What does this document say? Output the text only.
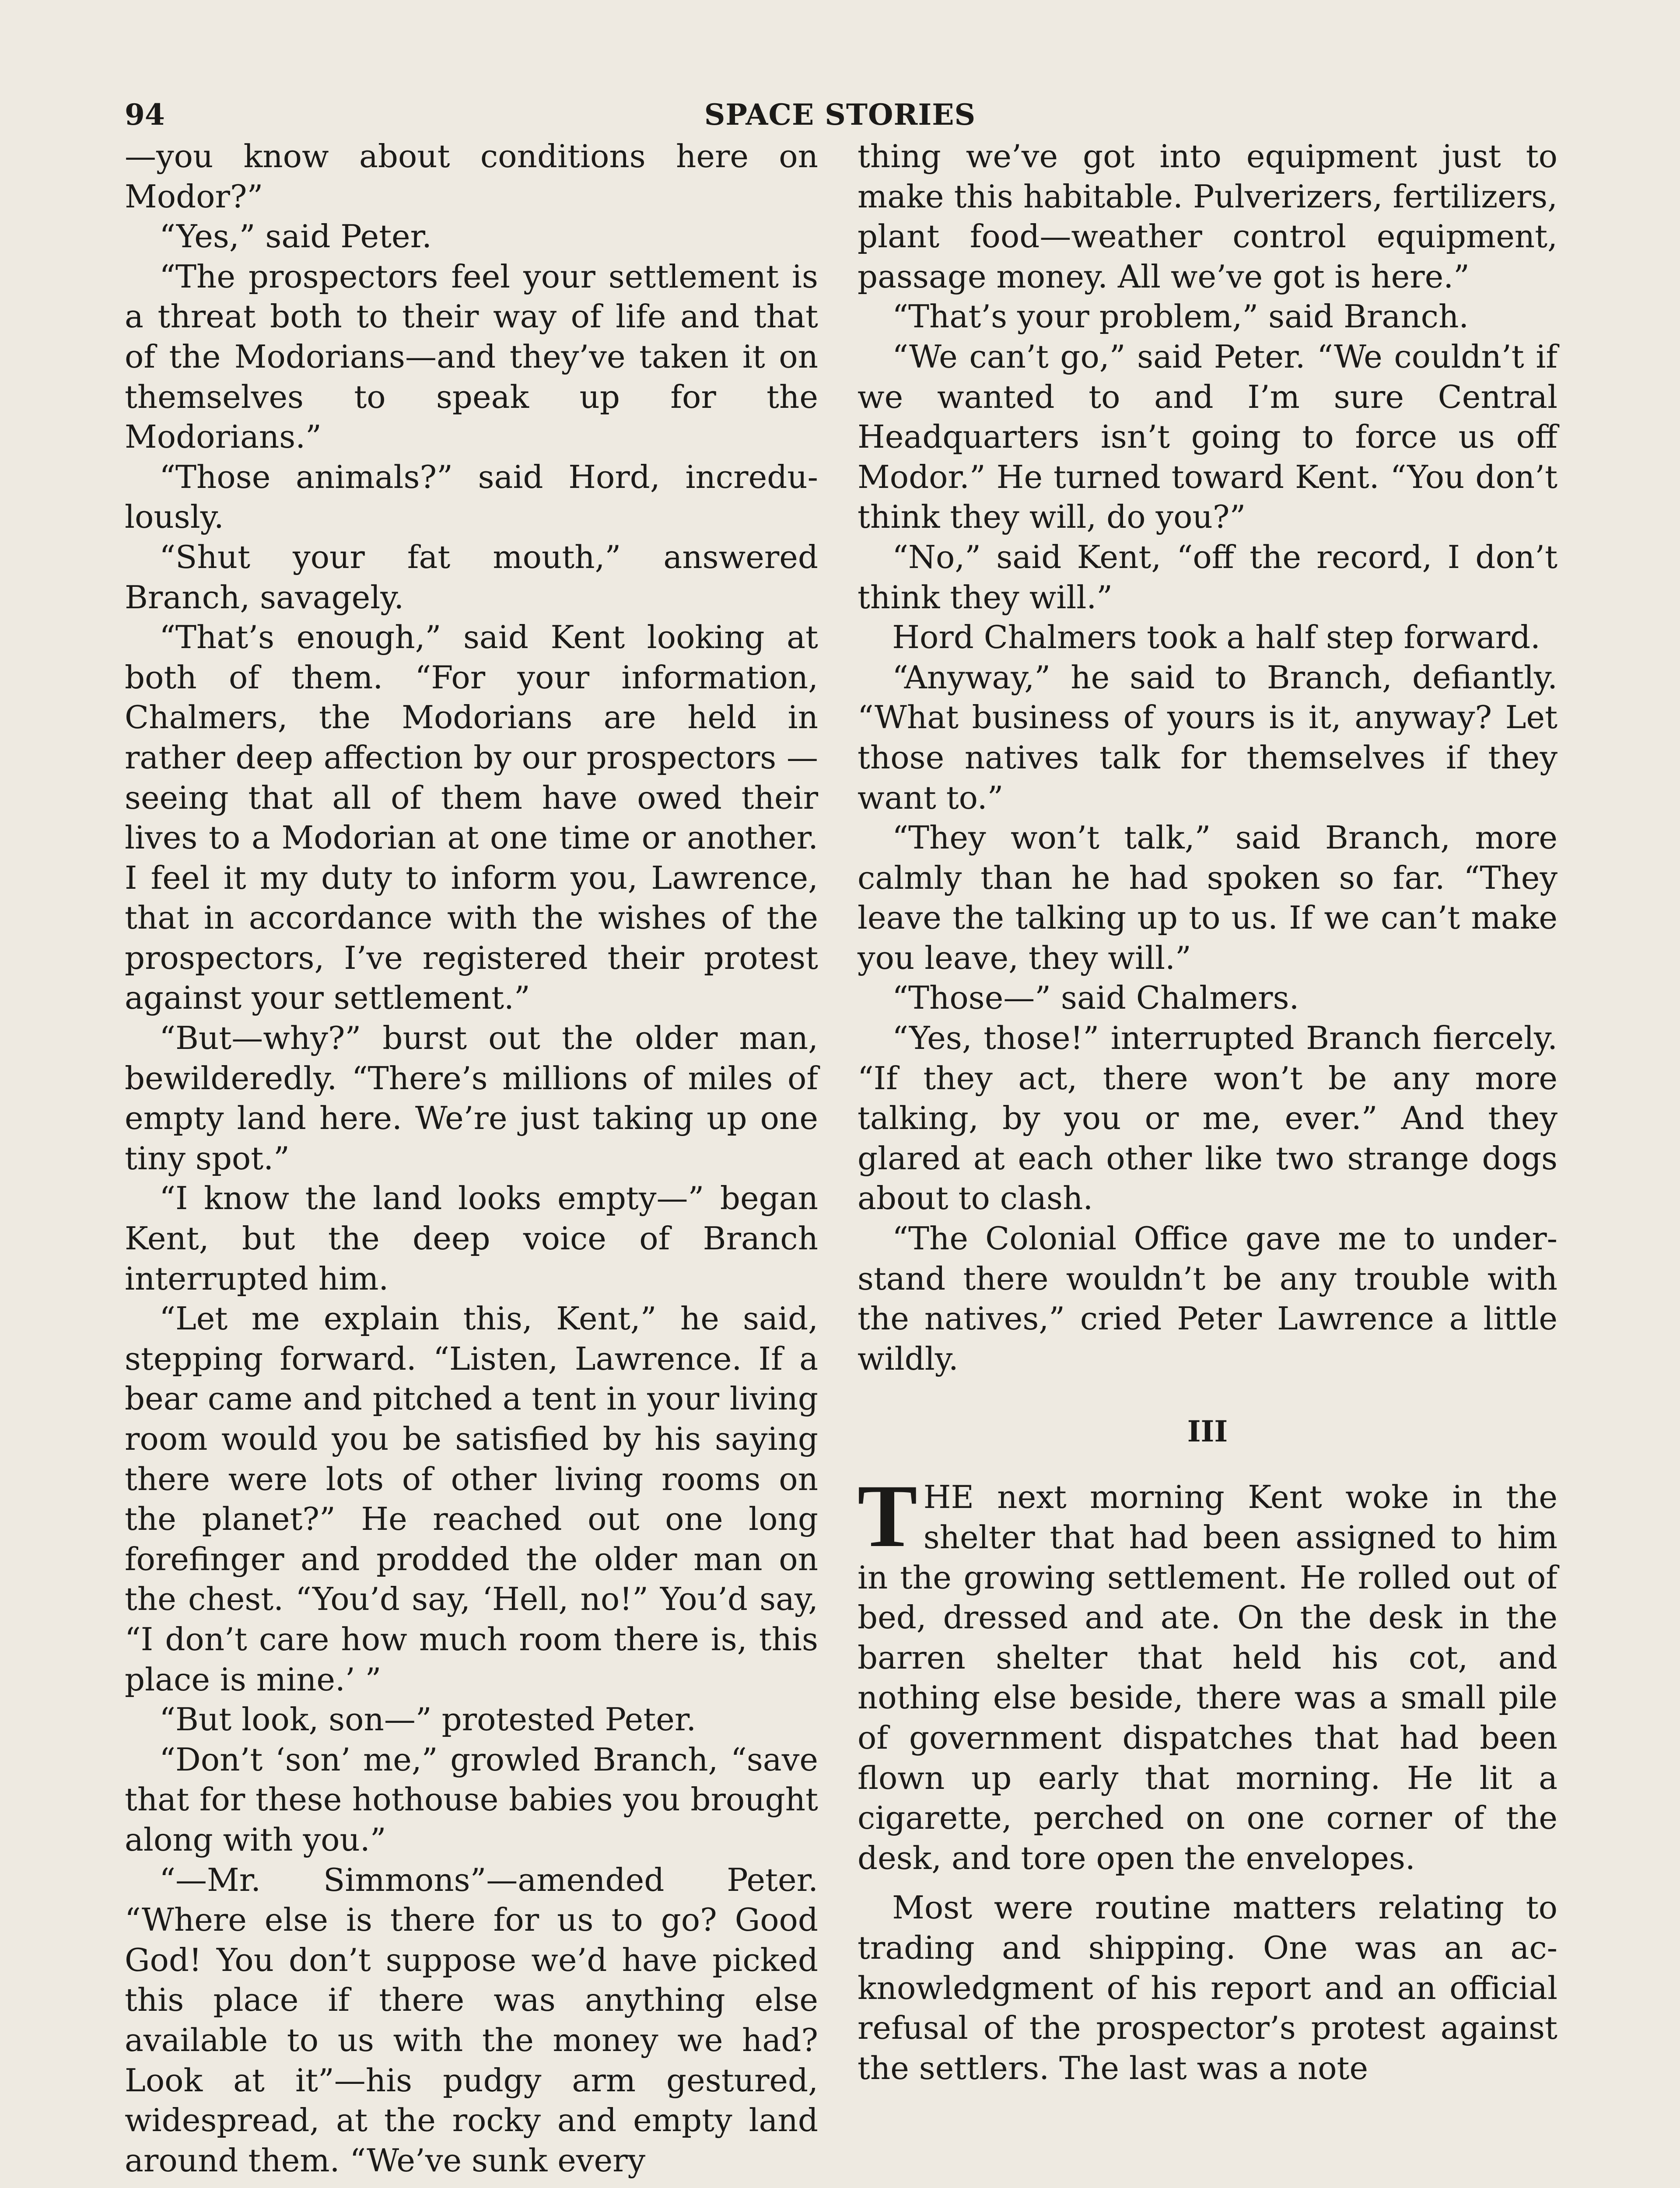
94	SPACE STORIES

—you know about conditions here on Modor?”

“Yes,” said Peter.

“The prospectors feel your settlement is a threat both to their way of life and that of the Modorians—and they’ve taken it on themselves to speak up for the Modorians.”

“Those animals?” said Hord, incredulously.

“Shut your fat mouth,” answered Branch, savagely.

“That’s enough,” said Kent looking at both of them. “For your information, Chalmers, the Modorians are held in rather deep affection by our prospectors —seeing that all of them have owed their lives to a Modorian at one time or another. I feel it my duty to inform you, Lawrence, that in accordance with the wishes of the prospectors, I’ve registered their protest against your settlement.”

“But—why?” burst out the older man, bewilderedly. “There’s millions of miles of empty land here. We’re just taking up one tiny spot.”

“I know the land looks empty—” began Kent, but the deep voice of Branch interrupted him.

“Let me explain this, Kent,” he said, stepping forward. “Listen, Lawrence. If a bear came and pitched a tent in your living room would you be satisfied by his saying there were lots of other living rooms on the planet?” He reached out one long forefinger and prodded the older man on the chest. “You’d say, ‘Hell, no!” You’d say, “I don’t care how much room there is, this place is mine.’ ”

“But look, son—” protested Peter.

“Don’t ‘son’ me,” growled Branch, “save that for these hothouse babies you brought along with you.”

“—Mr. Simmons”—amended Peter. “Where else is there for us to go? Good God! You don’t suppose we’d have picked this place if there was anything else available to us with the money we had? Look at it”—his pudgy arm gestured, widespread, at the rocky and empty land around them. “We’ve sunk every

thing we’ve got into equipment just to make this habitable. Pulverizers, fertilizers, plant food—weather control equipment, passage money. All we’ve got is here.”

“That’s your problem,” said Branch.

“We can’t go,” said Peter. “We couldn’t if we wanted to and I’m sure Central Headquarters isn’t going to force us off Modor.” He turned toward Kent. “You don’t think they will, do you?”

“No,” said Kent, “off the record, I don’t think they will.”

Hord Chalmers took a half step forward.

“Anyway,” he said to Branch, defiantly. “What business of yours is it, anyway? Let those natives talk for themselves if they want to.”

“They won’t talk,” said Branch, more calmly than he had spoken so far. “They leave the talking up to us. If we can’t make you leave, they will.”

“Those—” said Chalmers.

“Yes, those!” interrupted Branch fiercely. “If they act, there won’t be any more talking, by you or me, ever.” And they glared at each other like two strange dogs about to clash.

“The Colonial Office gave me to understand there wouldn’t be any trouble with the natives,” cried Peter Lawrence a little wildly.

III

THE next morning Kent woke in the shelter that had been assigned to him in the growing settlement. He rolled out of bed, dressed and ate. On the desk in the barren shelter that held his cot, and nothing else beside, there was a small pile of government dispatches that had been flown up early that morning. He lit a cigarette, perched on one corner of the desk, and tore open the envelopes.

Most were routine matters relating to trading and shipping. One was an acknowledgment of his report and an official refusal of the prospector’s protest against the settlers. The last was a note
